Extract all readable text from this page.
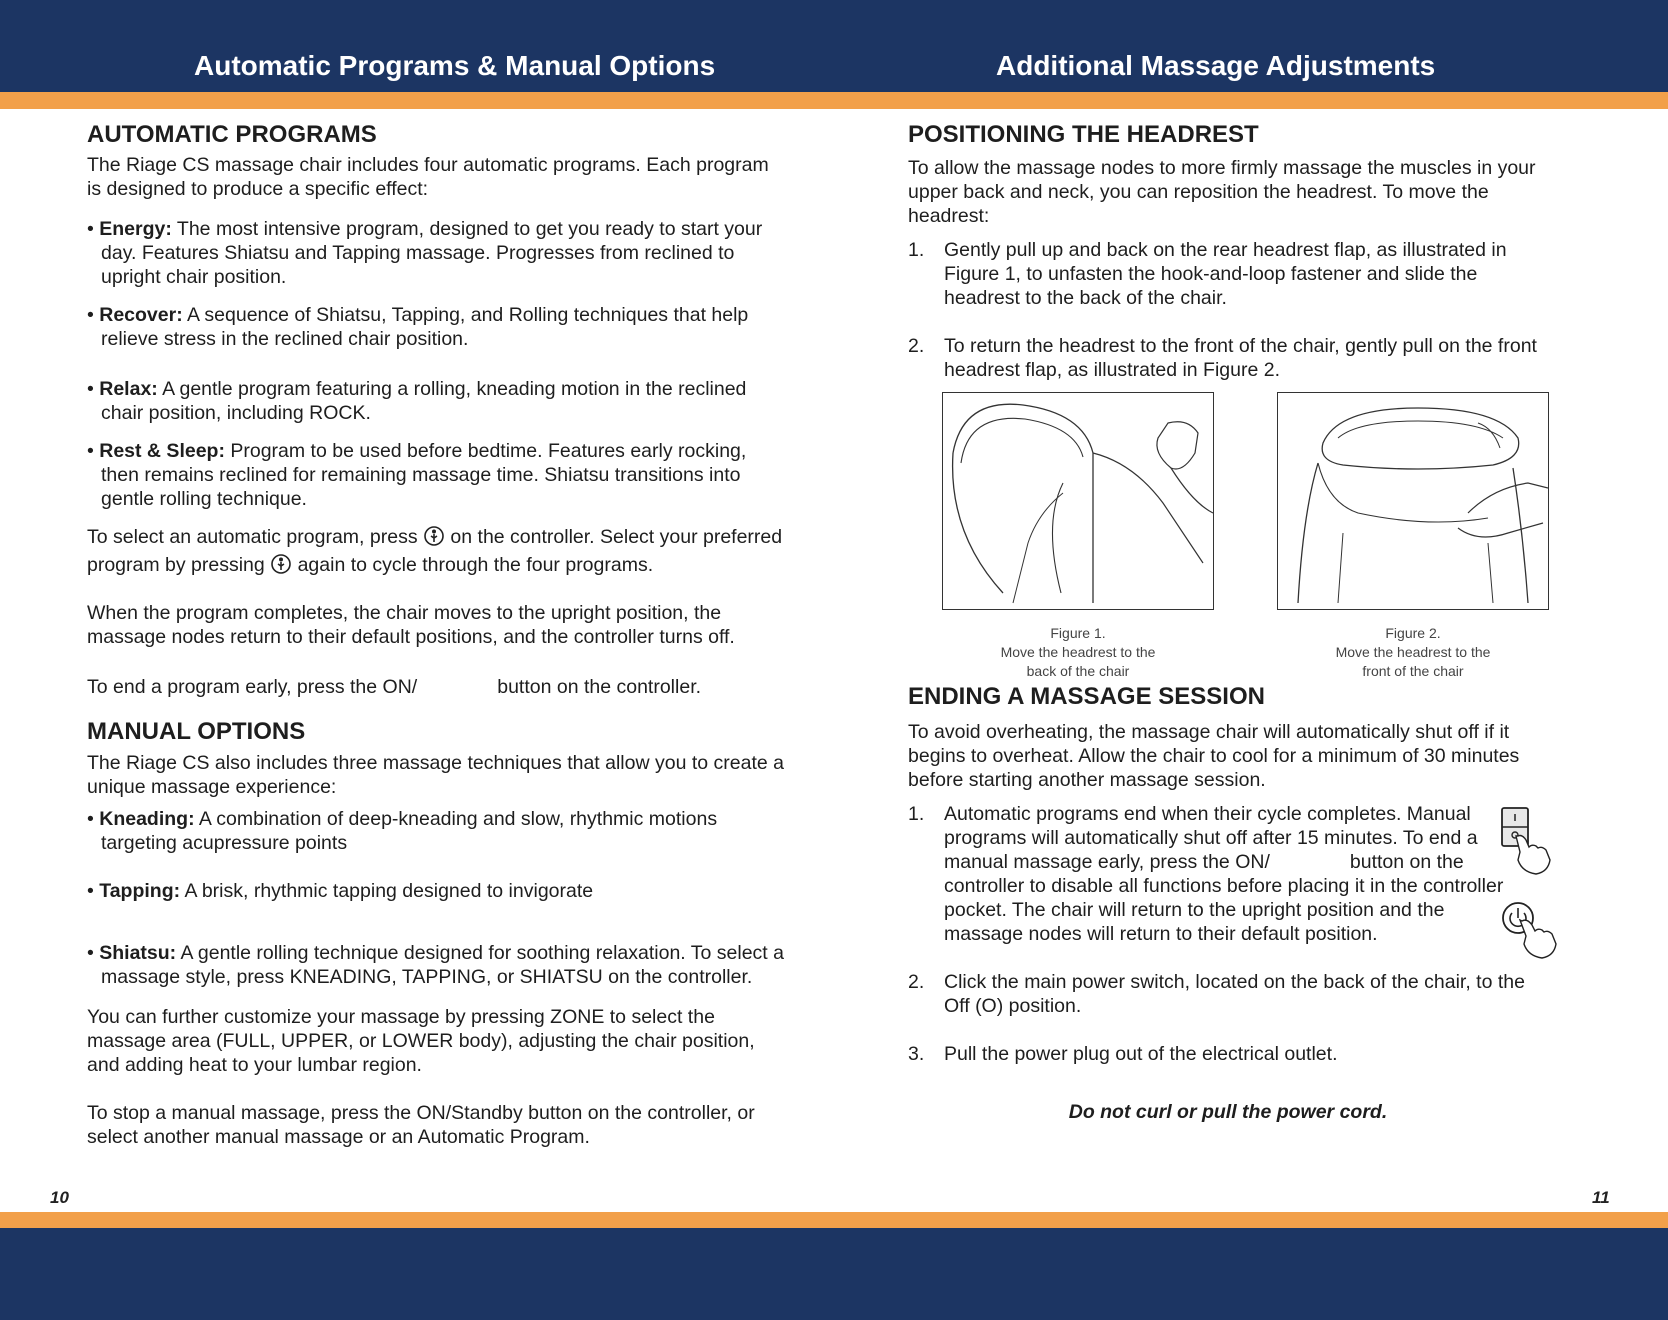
Automatic Programs & Manual Options	Additional Massage Adjustments
10	11
AUTOMATIC PROGRAMS

The Riage CS massage chair includes four automatic programs. Each program is designed to produce a specific effect:

• Energy: The most intensive program, designed to get you ready to start your day. Features Shiatsu and Tapping massage. Progresses from reclined to upright chair position.

• Recover: A sequence of Shiatsu, Tapping, and Rolling techniques that help relieve stress in the reclined chair position.

• Relax: A gentle program featuring a rolling, kneading motion in the reclined chair position, including ROCK.

• Rest & Sleep: Program to be used before bedtime. Features early rocking, then remains reclined for remaining massage time. Shiatsu transitions into gentle rolling technique.

To select an automatic program, press  on the controller. Select your preferred program by pressing  again to cycle through the four programs.

When the program completes, the chair moves to the upright position, the massage nodes return to their default positions, and the controller turns off.

To end a program early, press the ON/	button on the controller.

MANUAL OPTIONS

The Riage CS also includes three massage techniques that allow you to create a unique massage experience:

• Kneading: A combination of deep-kneading and slow, rhythmic motions targeting acupressure points

• Tapping: A brisk, rhythmic tapping designed to invigorate

• Shiatsu: A gentle rolling technique designed for soothing relaxation. To select a massage style, press KNEADING, TAPPING, or SHIATSU on the controller.

You can further customize your massage by pressing ZONE to select the massage area (FULL, UPPER, or LOWER body), adjusting the chair position, and adding heat to your lumbar region.

To stop a manual massage, press the ON/Standby button on the controller, or select another manual massage or an Automatic Program.

POSITIONING THE HEADREST

To allow the massage nodes to more firmly massage the muscles in your upper back and neck, you can reposition the headrest. To move the headrest:

1. Gently pull up and back on the rear headrest flap, as illustrated in Figure 1, to unfasten the hook-and-loop fastener and slide the headrest to the back of the chair.
2. To return the headrest to the front of the chair, gently pull on the front headrest flap, as illustrated in Figure 2.
Figure 1.
Move the headrest to the
back of the chair
Figure 2.
Move the headrest to the
front of the chair
ENDING A MASSAGE SESSION

To avoid overheating, the massage chair will automatically shut off if it begins to overheat. Allow the chair to cool for a minimum of 30 minutes before starting another massage session.

1. Automatic programs end when their cycle completes. Manual programs will automatically shut off after 15 minutes. To end a manual massage early, press the ON/	button on the controller to disable all functions before placing it in the controller pocket. The chair will return to the upright position and the massage nodes will return to their default position.
2. Click the main power switch, located on the back of the chair, to the Off (O) position.
3. Pull the power plug out of the electrical outlet.

Do not curl or pull the power cord.
